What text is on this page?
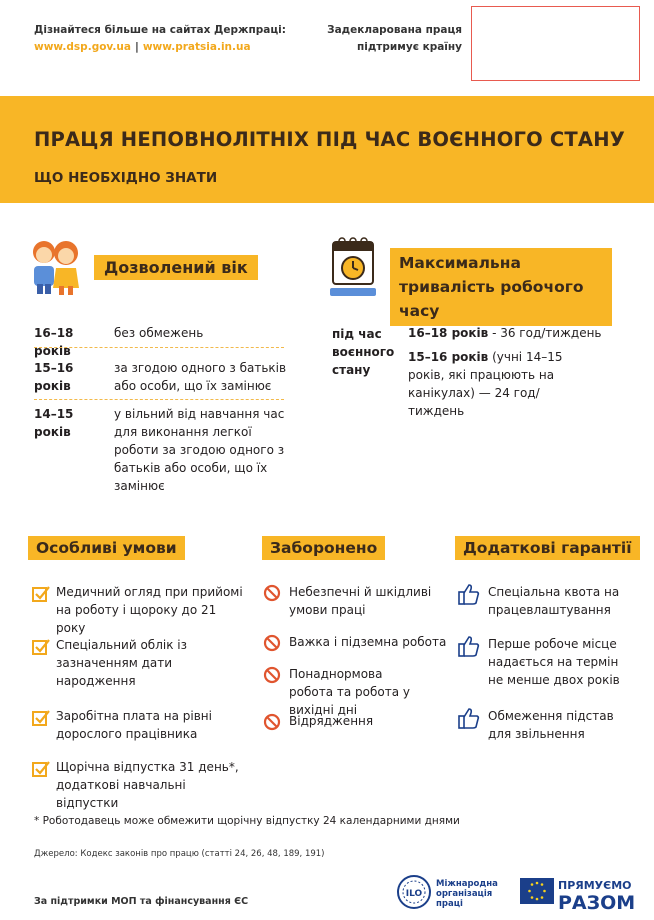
Дізнайтеся більше на сайтах Держпраці:
www.dsp.gov.ua | www.pratsia.in.ua
Задекларована праця
підтримує країну
ПРАЦЯ НЕПОВНОЛІТНІХ ПІД ЧАС ВОЄННОГО СТАНУ
ЩО НЕОБХІДНО ЗНАТИ
Дозволений вік
16–18 років
без обмежень
15–16 років
за згодою одного з батьків або особи, що їх замінює
14–15 років
у вільний від навчання час для виконання легкої роботи за згодою одного з батьків або особи, що їх замінює
Максимальна тривалість робочого часу
під час воєнного стану
16–18 років - 36 год/тиждень
15–16 років (учні 14–15 років, які працюють на канікулах) — 24 год/тиждень
Особливі умови	Заборонено	Додаткові гарантії
Медичний огляд при прийомі на роботу і щороку до 21 року
Спеціальний облік із зазначенням дати народження
Заробітна плата на рівні дорослого працівника
Щорічна відпустка 31 день*, додаткові навчальні відпустки
Небезпечні й шкідливі умови праці
Важка і підземна робота
Понаднормова робота та робота у вихідні дні
Відрядження
Спеціальна квота на працевлаштування
Перше робоче місце надається на термін не менше двох років
Обмеження підстав для звільнення
* Роботодавець може обмежити щорічну відпустку 24 календарними днями
Джерело: Кодекс законів про працю (статті 24, 26, 48, 189, 191)
За підтримки МОП та фінансування ЄС
ILO
Міжнародна
організація
праці
ПРЯМУЄМО
РАЗОМ
